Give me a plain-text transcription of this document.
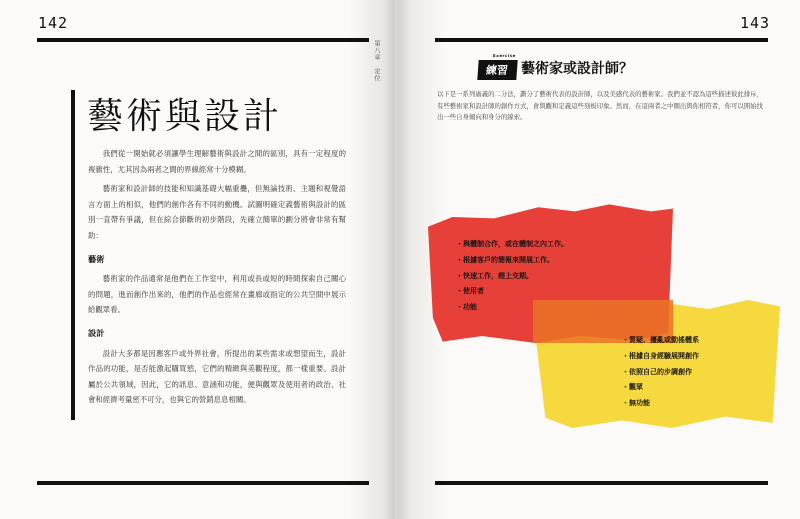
142
藝術與設計

我們從一開始就必須讓學生理解藝術與設計之間的區別，具有一定程度的複雜性，尤其因為兩者之間的界線經常十分模糊。

藝術家和設計師的技能和知識基礎大幅重疊，但無論技術、主題和視覺語言方面上的相似，他們的創作各有不同的動機。試圖明確定義藝術與設計的區別一直帶有爭議，但在綜合節斷的初步階段，先確立簡單的劃分將會非常有幫助：

藝術

藝術家的作品通常是他們在工作室中，利用或長或短的時間探索自己關心的問題，進而創作出來的，他們的作品也經常在畫廊或指定的公共空間中展示給觀眾看。

設計

設計大多都是因應客戶或外界社會，所提出的某些需求或想望而生，設計作品的功能，是否能激起購買慾，它們的精緻與美觀程度，都一樣重要。設計屬於公共領域，因此，它的訊息、意涵和功能，便與觀眾及使用者的政治、社會和經濟考量密不可分，也與它的營銷息息相關。

第八章　定位
143
Exercise
練習 藝術家或設計師？

以下是一系列廣義的二分法，劃分了藝術代表的設計師，以及美感代表的藝術家。我們並不認為這些描述彼此排斥，有些藝術家和設計師的創作方式，會與觀和定義這些刻板印象。然而，在這兩者之中圈出與你相符者，你可以開始找出一些自身傾向和身分的線索。

・ 與體制合作，或在體制之內工作。
・ 根據客戶的簡報來開展工作。
・ 快速工作，趕上交期。
・ 使用者
・ 功能
・ 質疑、擾亂或動搖體系
・ 根據自身經驗展開創作
・ 依照自己的步調創作
・ 觀眾
・ 無功能
